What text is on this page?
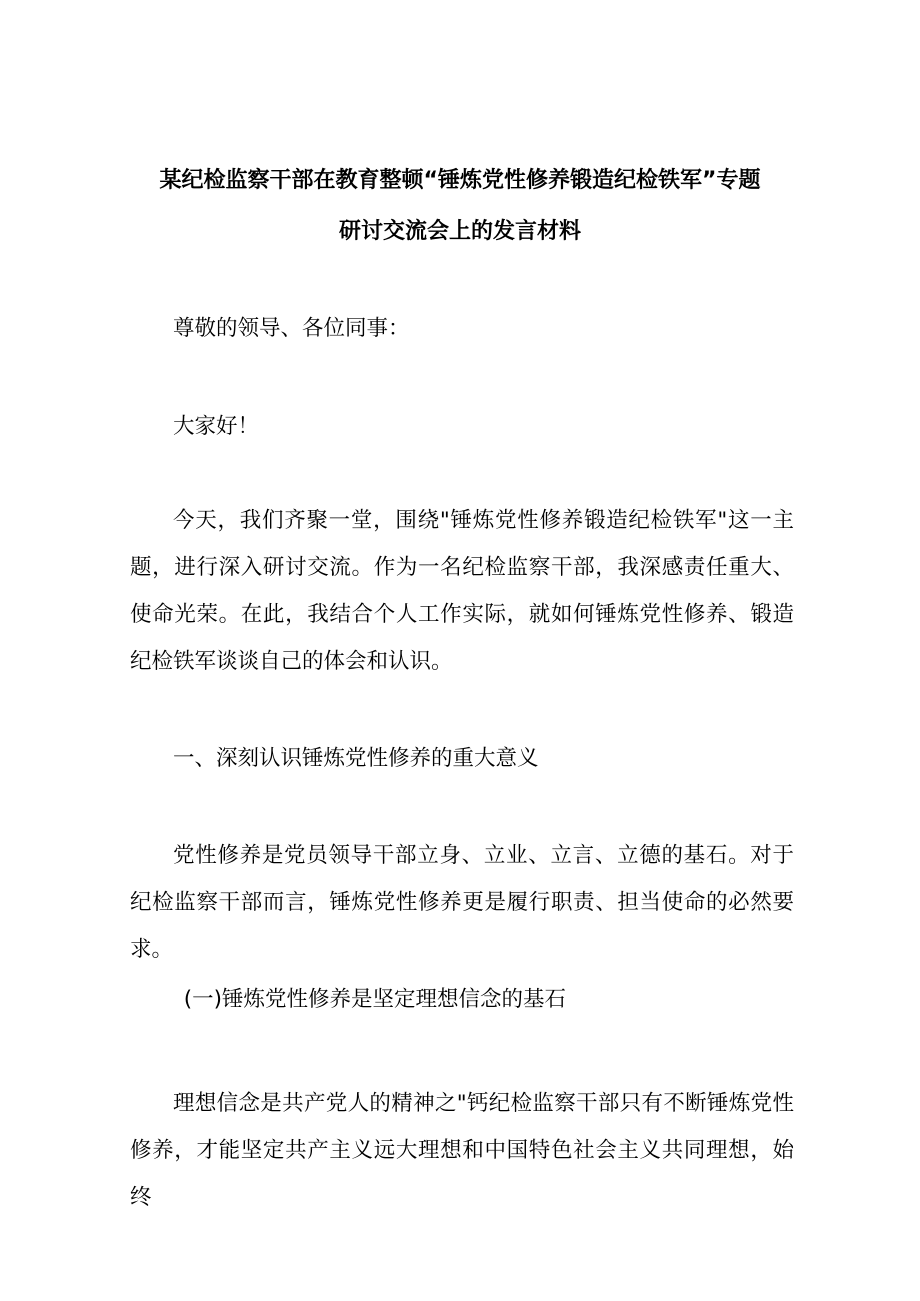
某纪检监察干部在教育整顿“锤炼党性修养锻造纪检铁军”专题
研讨交流会上的发言材料
尊敬的领导、各位同事：
大家好！
今天，我们齐聚一堂，围绕"锤炼党性修养锻造纪检铁军"这一主题，进行深入研讨交流。作为一名纪检监察干部，我深感责任重大、使命光荣。在此，我结合个人工作实际，就如何锤炼党性修养、锻造纪检铁军谈谈自己的体会和认识。
一、深刻认识锤炼党性修养的重大意义
党性修养是党员领导干部立身、立业、立言、立德的基石。对于纪检监察干部而言，锤炼党性修养更是履行职责、担当使命的必然要求。
(一)锤炼党性修养是坚定理想信念的基石
理想信念是共产党人的精神之"钙纪检监察干部只有不断锤炼党性修养，才能坚定共产主义远大理想和中国特色社会主义共同理想，始终
